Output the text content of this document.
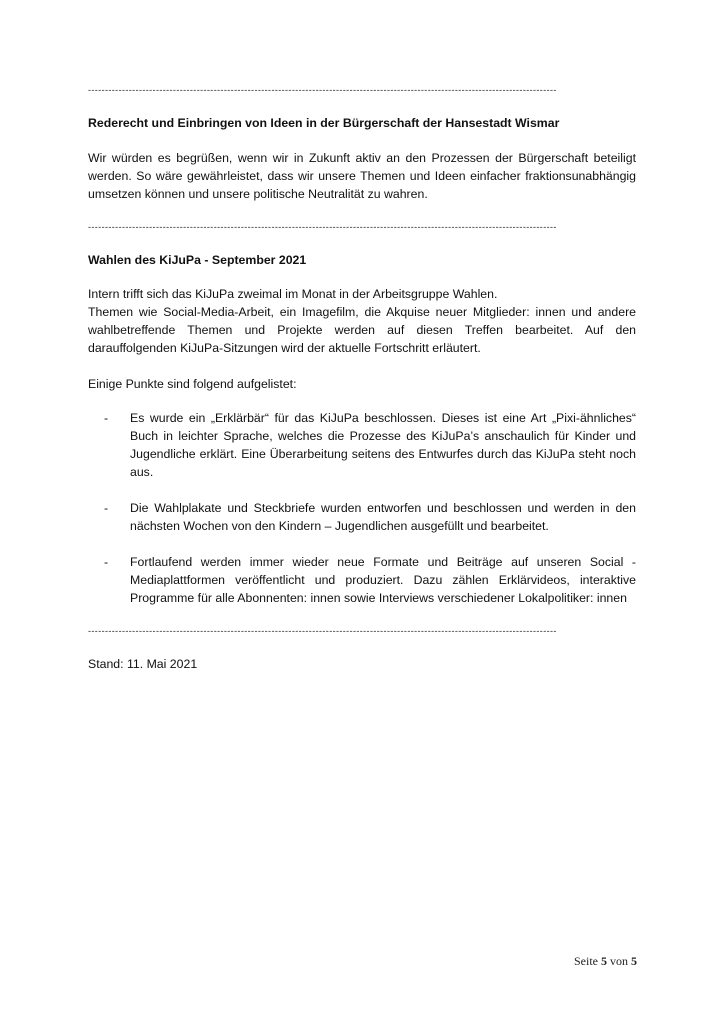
------------------------------------------------------------------------------------------------------------------------------------------

Rederecht und Einbringen von Ideen in der Bürgerschaft der Hansestadt Wismar

Wir würden es begrüßen, wenn wir in Zukunft aktiv an den Prozessen der Bürgerschaft beteiligt werden. So wäre gewährleistet, dass wir unsere Themen und Ideen einfacher fraktionsunabhängig umsetzen können und unsere politische Neutralität zu wahren.

------------------------------------------------------------------------------------------------------------------------------------------

Wahlen des KiJuPa - September 2021

Intern trifft sich das KiJuPa zweimal im Monat in der Arbeitsgruppe Wahlen.

Themen wie Social-Media-Arbeit, ein Imagefilm, die Akquise neuer Mitglieder: innen und andere wahlbetreffende Themen und Projekte werden auf diesen Treffen bearbeitet. Auf den darauffolgenden KiJuPa-Sitzungen wird der aktuelle Fortschritt erläutert.

Einige Punkte sind folgend aufgelistet:

- Es wurde ein „Erklärbär“ für das KiJuPa beschlossen. Dieses ist eine Art „Pixi-ähnliches“ Buch in leichter Sprache, welches die Prozesse des KiJuPa’s anschaulich für Kinder und Jugendliche erklärt. Eine Überarbeitung seitens des Entwurfes durch das KiJuPa steht noch aus.
- Die Wahlplakate und Steckbriefe wurden entworfen und beschlossen und werden in den nächsten Wochen von den Kindern – Jugendlichen ausgefüllt und bearbeitet.
- Fortlaufend werden immer wieder neue Formate und Beiträge auf unseren Social - Mediaplattformen veröffentlicht und produziert. Dazu zählen Erklärvideos, interaktive Programme für alle Abonnenten: innen sowie Interviews verschiedener Lokalpolitiker: innen
------------------------------------------------------------------------------------------------------------------------------------------

Stand: 11. Mai 2021

Seite 5 von 5
